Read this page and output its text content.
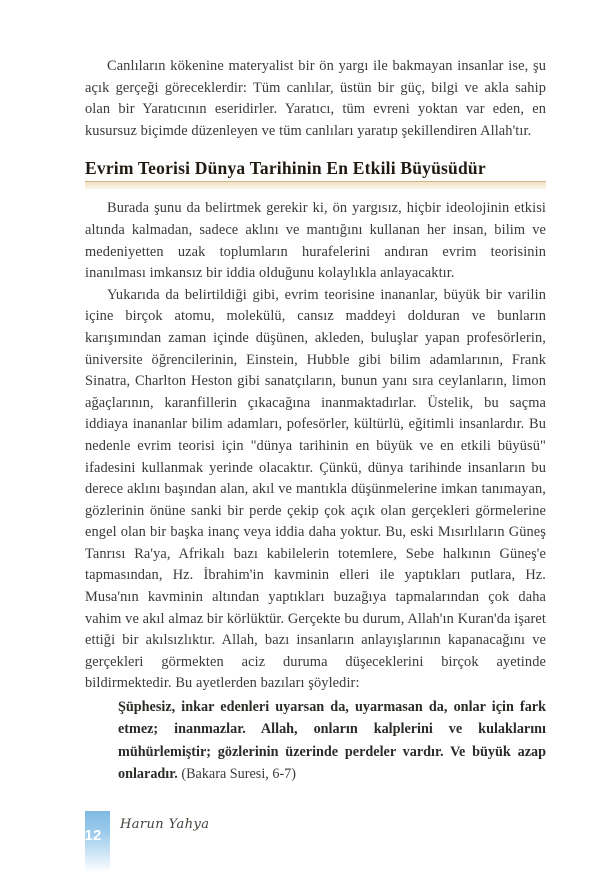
Canlıların kökenine materyalist bir ön yargı ile bakmayan insanlar ise, şu açık gerçeği göreceklerdir: Tüm canlılar, üstün bir güç, bilgi ve akla sahip olan bir Yaratıcının eseridirler. Yaratıcı, tüm evreni yoktan var eden, en kusursuz biçimde düzenleyen ve tüm canlıları yaratıp şekillendiren Allah'tır.

Evrim Teorisi Dünya Tarihinin En Etkili Büyüsüdür

Burada şunu da belirtmek gerekir ki, ön yargısız, hiçbir ideolojinin etkisi altında kalmadan, sadece aklını ve mantığını kullanan her insan, bilim ve medeniyetten uzak toplumların hurafelerini andıran evrim teorisinin inanılması imkansız bir iddia olduğunu kolaylıkla anlayacaktır.

Yukarıda da belirtildiği gibi, evrim teorisine inananlar, büyük bir varilin içine birçok atomu, molekülü, cansız maddeyi dolduran ve bunların karışımından zaman içinde düşünen, akleden, buluşlar yapan profesörlerin, üniversite öğrencilerinin, Einstein, Hubble gibi bilim adamlarının, Frank Sinatra, Charlton Heston gibi sanatçıların, bunun yanı sıra ceylanların, limon ağaçlarının, karanfillerin çıkacağına inanmaktadırlar. Üstelik, bu saçma iddiaya inananlar bilim adamları, pofesörler, kültürlü, eğitimli insanlardır. Bu nedenle evrim teorisi için "dünya tarihinin en büyük ve en etkili büyüsü" ifadesini kullanmak yerinde olacaktır. Çünkü, dünya tarihinde insanların bu derece aklını başından alan, akıl ve mantıkla düşünmelerine imkan tanımayan, gözlerinin önüne sanki bir perde çekip çok açık olan gerçekleri görmelerine engel olan bir başka inanç veya iddia daha yoktur. Bu, eski Mısırlıların Güneş Tanrısı Ra'ya, Afrikalı bazı kabilelerin totemlere, Sebe halkının Güneş'e tapmasından, Hz. İbrahim'in kavminin elleri ile yaptıkları putlara, Hz. Musa'nın kavminin altından yaptıkları buzağıya tapmalarından çok daha vahim ve akıl almaz bir körlüktür. Gerçekte bu durum, Allah'ın Kuran'da işaret ettiği bir akılsızlıktır. Allah, bazı insanların anlayışlarının kapanacağını ve gerçekleri görmekten aciz duruma düşeceklerini birçok ayetinde bildirmektedir. Bu ayetlerden bazıları şöyledir:

Şüphesiz, inkar edenleri uyarsan da, uyarmasan da, onlar için fark etmez; inanmazlar. Allah, onların kalplerini ve kulaklarını mühürlemiştir; gözlerinin üzerinde perdeler vardır. Ve büyük azap onlaradır. (Bakara Suresi, 6-7)

212
Harun Yahya
